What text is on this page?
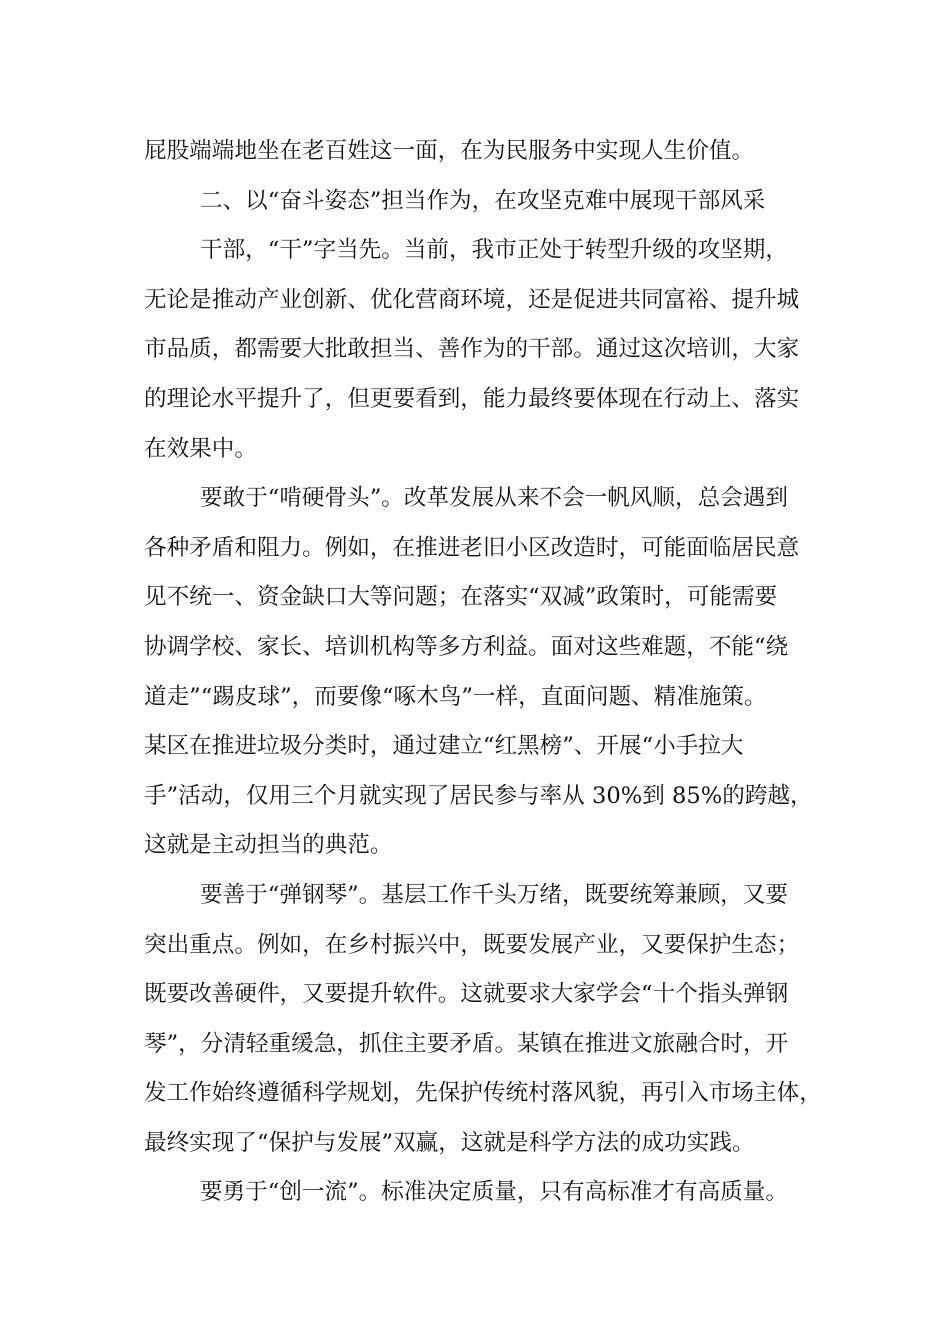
屁股端端地坐在老百姓这一面，在为民服务中实现人生价值。
二、以“奋斗姿态”担当作为，在攻坚克难中展现干部风采
干部，“干”字当先。当前，我市正处于转型升级的攻坚期，
无论是推动产业创新、优化营商环境，还是促进共同富裕、提升城
市品质，都需要大批敢担当、善作为的干部。通过这次培训，大家
的理论水平提升了，但更要看到，能力最终要体现在行动上、落实
在效果中。
要敢于“啃硬骨头”。改革发展从来不会一帆风顺，总会遇到
各种矛盾和阻力。例如，在推进老旧小区改造时，可能面临居民意
见不统一、资金缺口大等问题；在落实“双减”政策时，可能需要
协调学校、家长、培训机构等多方利益。面对这些难题，不能“绕
道走”“踢皮球”，而要像“啄木鸟”一样，直面问题、精准施策。
某区在推进垃圾分类时，通过建立“红黑榜”、开展“小手拉大
手”活动，仅用三个月就实现了居民参与率从 30%到 85%的跨越，
这就是主动担当的典范。
要善于“弹钢琴”。基层工作千头万绪，既要统筹兼顾，又要
突出重点。例如，在乡村振兴中，既要发展产业，又要保护生态；
既要改善硬件，又要提升软件。这就要求大家学会“十个指头弹钢
琴”，分清轻重缓急，抓住主要矛盾。某镇在推进文旅融合时，开
发工作始终遵循科学规划，先保护传统村落风貌，再引入市场主体，
最终实现了“保护与发展”双赢，这就是科学方法的成功实践。
要勇于“创一流”。标准决定质量，只有高标准才有高质量。
